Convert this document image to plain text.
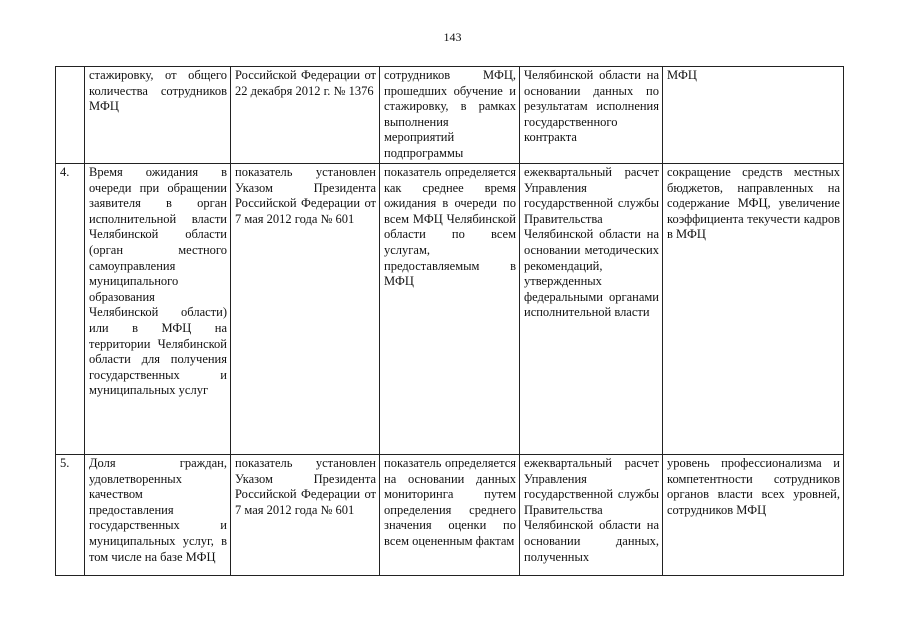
143
	стажировку, от общего количества сотрудников МФЦ	Российской Федерации от 22 декабря 2012 г. № 1376	сотрудников МФЦ, прошедших обучение и стажировку, в рамках выполнения мероприятий подпрограммы	Челябинской области на основании данных по результатам исполнения государственного контракта	МФЦ
4.	Время ожидания в очереди при обращении заявителя в орган исполнительной власти Челябинской области (орган местного самоуправления муниципального образования Челябинской области) или в МФЦ на территории Челябинской области для получения государственных и муниципальных услуг	показатель установлен Указом Президента Российской Федерации от 7 мая 2012 года № 601	показатель определяется как среднее время ожидания в очереди по всем МФЦ Челябинской области по всем услугам, предоставляемым в МФЦ	ежеквартальный расчет Управления государственной службы Правительства Челябинской области на основании методических рекомендаций, утвержденных федеральными органами исполнительной власти	сокращение средств местных бюджетов, направленных на содержание МФЦ, увеличение коэффициента текучести кадров в МФЦ
5.	Доля граждан, удовлетворенных качеством предоставления государственных и муниципальных услуг, в том числе на базе МФЦ	показатель установлен Указом Президента Российской Федерации от 7 мая 2012 года № 601	показатель определяется на основании данных мониторинга путем определения среднего значения оценки по всем оцененным фактам	ежеквартальный расчет Управления государственной службы Правительства Челябинской области на основании данных, полученных	уровень профессионализма и компетентности сотрудников органов власти всех уровней, сотрудников МФЦ
